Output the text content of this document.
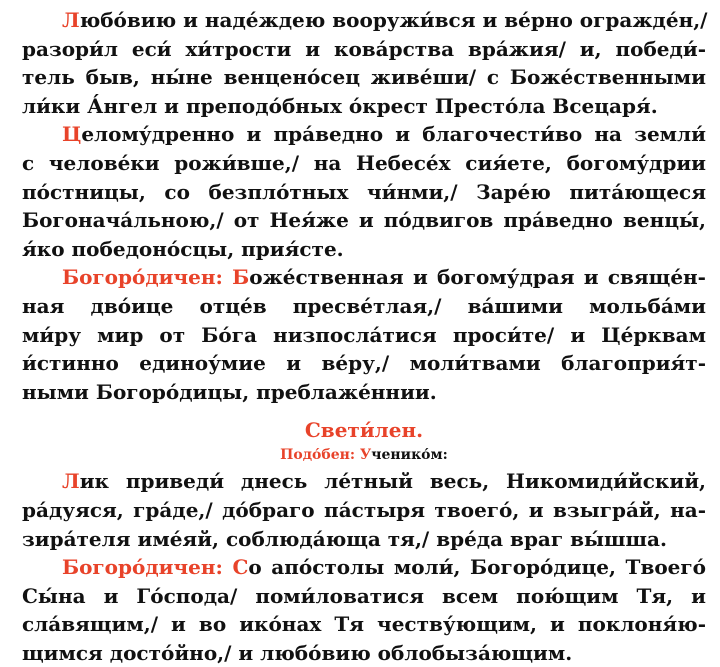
Любо́вию и наде́ждею вооружи́вся и ве́рно огражде́н,/
разори́л еси́ хи́трости и кова́рства вра́жия/ и, победи́-
тель быв, ны́не венцено́сец живе́ши/ с Боже́ственными
ли́ки А́нгел и преподо́бных о́крест Престо́ла Всецаря́.

Целому́дренно и пра́ведно и благочести́во на земли́
с челове́ки poжи́вше,/ на Небесе́х сия́ете, богому́дрии
по́стницы, со безпло́тных чи́нми,/ Заре́ю пита́ющеся
Богонача́льною,/ от Нея́же и по́двигов пра́ведно венцы́,
я́ко победоно́сцы, прия́сте.

Богоро́дичен: Боже́ственная и богому́драя и свяще́н-
ная дво́ице отце́в пресве́тлая,/ ва́шими мольба́ми
ми́ру мир от Бо́га низпосла́тися проси́те/ и Це́рквам
и́стинно единоу́мие и ве́ру,/ моли́твами благоприя́т-
ными Богоро́дицы, преблаже́ннии.

Свети́лен.
Подо́бен: Ученико́м:

Лик приведи́ днесь ле́тный весь, Никомиди́йский,
ра́дуяся, гра́де,/ до́браго па́стыря твоего́, и взыгра́й, на-
зира́теля име́яй, соблюда́юща тя,/ вре́да враг вы́шша.

Богоро́дичен: Со апо́столы моли́, Богоро́дице, Твоего́
Сы́на и Го́спода/ поми́ловатися всем пою́щим Тя, и
сла́вящим,/ и во ико́нах Тя честву́ющим, и поклоня́ю-
щимся досто́йно,/ и любо́вию облобыза́ющим.
